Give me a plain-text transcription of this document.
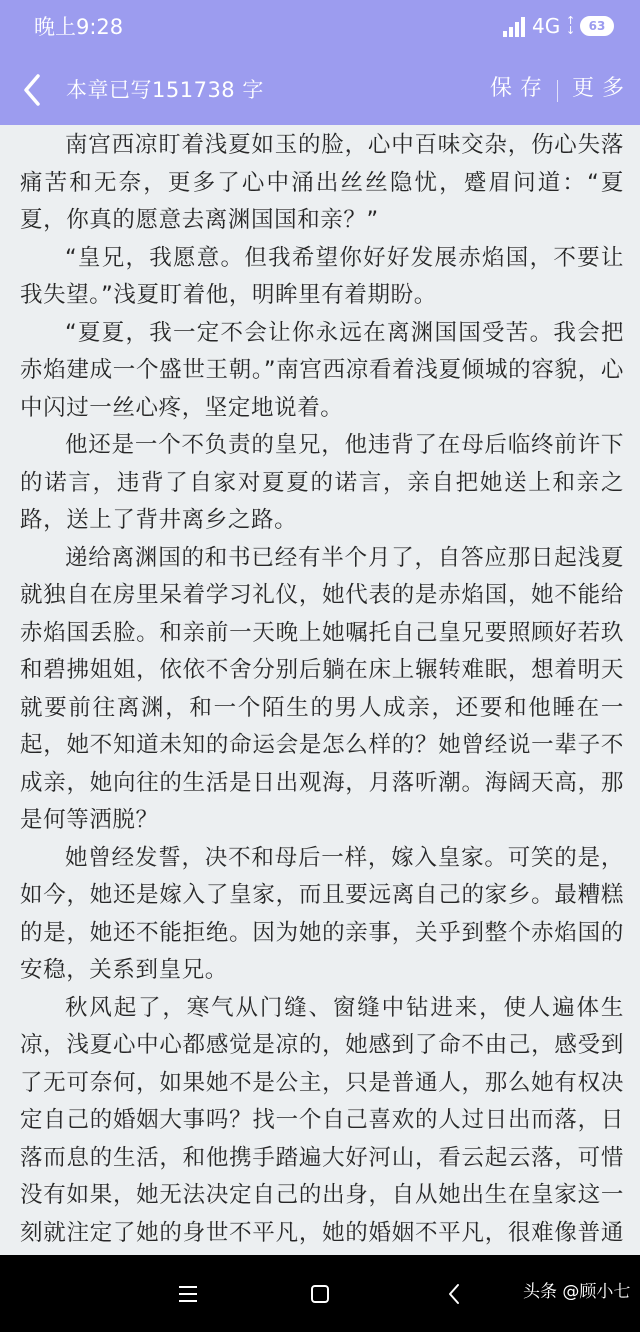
晚上9:28	4G ↑
↓	63
本章已写151738 字	保存 更多

南宫西凉盯着浅夏如玉的脸，心中百味交杂，伤心失落痛苦和无奈，更多了心中涌出丝丝隐忧，蹙眉问道：“夏夏，你真的愿意去离渊国国和亲？”

“皇兄，我愿意。但我希望你好好发展赤焰国，不要让我失望。”浅夏盯着他，明眸里有着期盼。

“夏夏，我一定不会让你永远在离渊国国受苦。我会把赤焰建成一个盛世王朝。”南宫西凉看着浅夏倾城的容貌，心中闪过一丝心疼，坚定地说着。

他还是一个不负责的皇兄，他违背了在母后临终前许下的诺言，违背了自家对夏夏的诺言，亲自把她送上和亲之路，送上了背井离乡之路。

递给离渊国的和书已经有半个月了，自答应那日起浅夏就独自在房里呆着学习礼仪，她代表的是赤焰国，她不能给赤焰国丢脸。和亲前一天晚上她嘱托自己皇兄要照顾好若玖和碧拂姐姐，依依不舍分别后躺在床上辗转难眠，想着明天就要前往离渊，和一个陌生的男人成亲，还要和他睡在一起，她不知道未知的命运会是怎么样的？她曾经说一辈子不成亲，她向往的生活是日出观海，月落听潮。海阔天高，那是何等洒脱？

她曾经发誓，决不和母后一样，嫁入皇家。可笑的是，如今，她还是嫁入了皇家，而且要远离自己的家乡。最糟糕的是，她还不能拒绝。因为她的亲事，关乎到整个赤焰国的安稳，关系到皇兄。

秋风起了，寒气从门缝、窗缝中钻进来，使人遍体生凉，浅夏心中心都感觉是凉的，她感到了命不由己，感受到了无可奈何，如果她不是公主，只是普通人，那么她有权决定自己的婚姻大事吗？找一个自己喜欢的人过日出而落，日落而息的生活，和他携手踏遍大好河山，看云起云落，可惜没有如果，她无法决定自己的出身，自从她出生在皇家这一刻就注定了她的身世不平凡，她的婚姻不平凡，很难像普通

头条 @顾小七
